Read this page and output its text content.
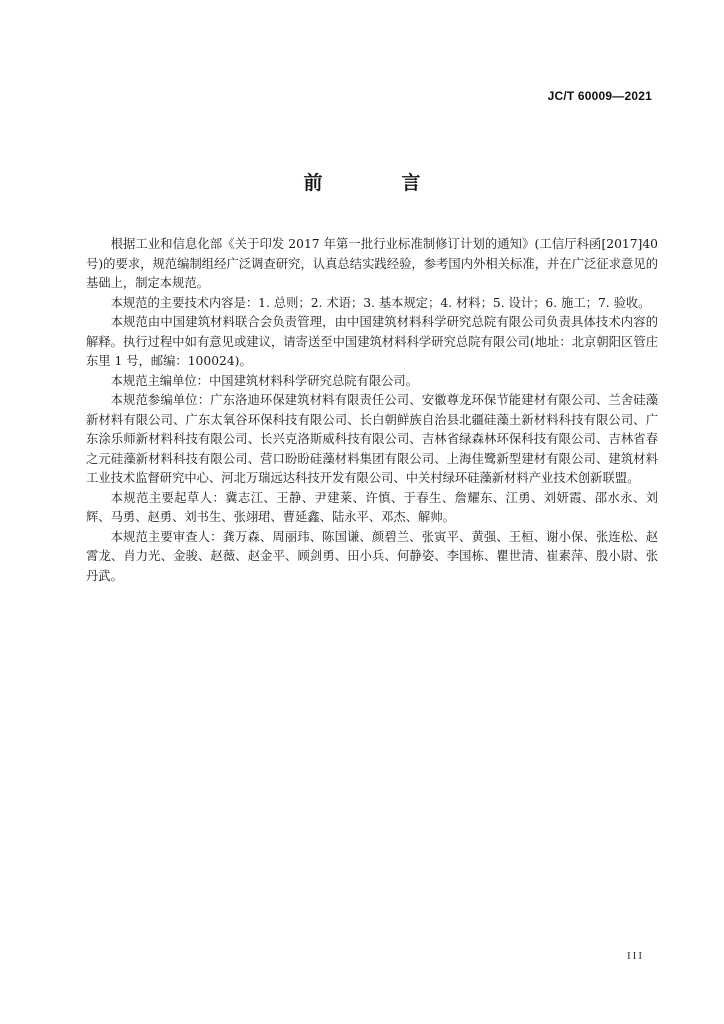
JC/T 60009—2021
前　言

根据工业和信息化部《关于印发 2017 年第一批行业标准制修订计划的通知》(工信厅科函[2017]40号)的要求，规范编制组经广泛调查研究，认真总结实践经验，参考国内外相关标准，并在广泛征求意见的基础上，制定本规范。

本规范的主要技术内容是：1. 总则；2. 术语；3. 基本规定；4. 材料；5. 设计；6. 施工；7. 验收。

本规范由中国建筑材料联合会负责管理，由中国建筑材料科学研究总院有限公司负责具体技术内容的解释。执行过程中如有意见或建议，请寄送至中国建筑材料科学研究总院有限公司(地址：北京朝阳区管庄东里 1 号，邮编：100024)。

本规范主编单位：中国建筑材料科学研究总院有限公司。

本规范参编单位：广东洛迪环保建筑材料有限责任公司、安徽尊龙环保节能建材有限公司、兰舍硅藻新材料有限公司、广东太氧谷环保科技有限公司、长白朝鲜族自治县北疆硅藻土新材料科技有限公司、广东涂乐师新材料科技有限公司、长兴克洛斯威科技有限公司、吉林省绿森林环保科技有限公司、吉林省春之元硅藻新材料科技有限公司、营口盼盼硅藻材料集团有限公司、上海佳鹭新型建材有限公司、建筑材料工业技术监督研究中心、河北万瑞远达科技开发有限公司、中关村绿环硅藻新材料产业技术创新联盟。

本规范主要起草人：冀志江、王静、尹建莱、许慎、于春生、詹耀东、江勇、刘妍霞、邵水永、刘辉、马勇、赵勇、刘书生、张翊珺、曹延鑫、陆永平、邓杰、解帅。

本规范主要审查人：龚万森、周丽玮、陈国谦、颜碧兰、张寅平、黄强、王桓、谢小保、张连松、赵霄龙、肖力光、金骏、赵薇、赵金平、顾剑勇、田小兵、何静姿、李国栋、瞿世清、崔素萍、殷小尉、张丹武。

III
